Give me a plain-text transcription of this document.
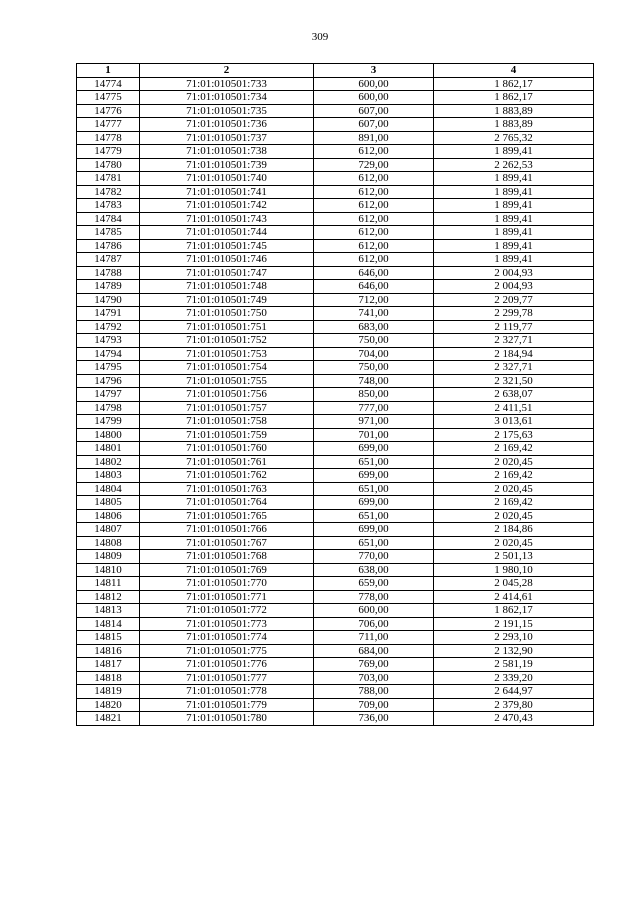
309
1	2	3	4
14774	71:01:010501:733	600,00	1 862,17
14775	71:01:010501:734	600,00	1 862,17
14776	71:01:010501:735	607,00	1 883,89
14777	71:01:010501:736	607,00	1 883,89
14778	71:01:010501:737	891,00	2 765,32
14779	71:01:010501:738	612,00	1 899,41
14780	71:01:010501:739	729,00	2 262,53
14781	71:01:010501:740	612,00	1 899,41
14782	71:01:010501:741	612,00	1 899,41
14783	71:01:010501:742	612,00	1 899,41
14784	71:01:010501:743	612,00	1 899,41
14785	71:01:010501:744	612,00	1 899,41
14786	71:01:010501:745	612,00	1 899,41
14787	71:01:010501:746	612,00	1 899,41
14788	71:01:010501:747	646,00	2 004,93
14789	71:01:010501:748	646,00	2 004,93
14790	71:01:010501:749	712,00	2 209,77
14791	71:01:010501:750	741,00	2 299,78
14792	71:01:010501:751	683,00	2 119,77
14793	71:01:010501:752	750,00	2 327,71
14794	71:01:010501:753	704,00	2 184,94
14795	71:01:010501:754	750,00	2 327,71
14796	71:01:010501:755	748,00	2 321,50
14797	71:01:010501:756	850,00	2 638,07
14798	71:01:010501:757	777,00	2 411,51
14799	71:01:010501:758	971,00	3 013,61
14800	71:01:010501:759	701,00	2 175,63
14801	71:01:010501:760	699,00	2 169,42
14802	71:01:010501:761	651,00	2 020,45
14803	71:01:010501:762	699,00	2 169,42
14804	71:01:010501:763	651,00	2 020,45
14805	71:01:010501:764	699,00	2 169,42
14806	71:01:010501:765	651,00	2 020,45
14807	71:01:010501:766	699,00	2 184,86
14808	71:01:010501:767	651,00	2 020,45
14809	71:01:010501:768	770,00	2 501,13
14810	71:01:010501:769	638,00	1 980,10
14811	71:01:010501:770	659,00	2 045,28
14812	71:01:010501:771	778,00	2 414,61
14813	71:01:010501:772	600,00	1 862,17
14814	71:01:010501:773	706,00	2 191,15
14815	71:01:010501:774	711,00	2 293,10
14816	71:01:010501:775	684,00	2 132,90
14817	71:01:010501:776	769,00	2 581,19
14818	71:01:010501:777	703,00	2 339,20
14819	71:01:010501:778	788,00	2 644,97
14820	71:01:010501:779	709,00	2 379,80
14821	71:01:010501:780	736,00	2 470,43
